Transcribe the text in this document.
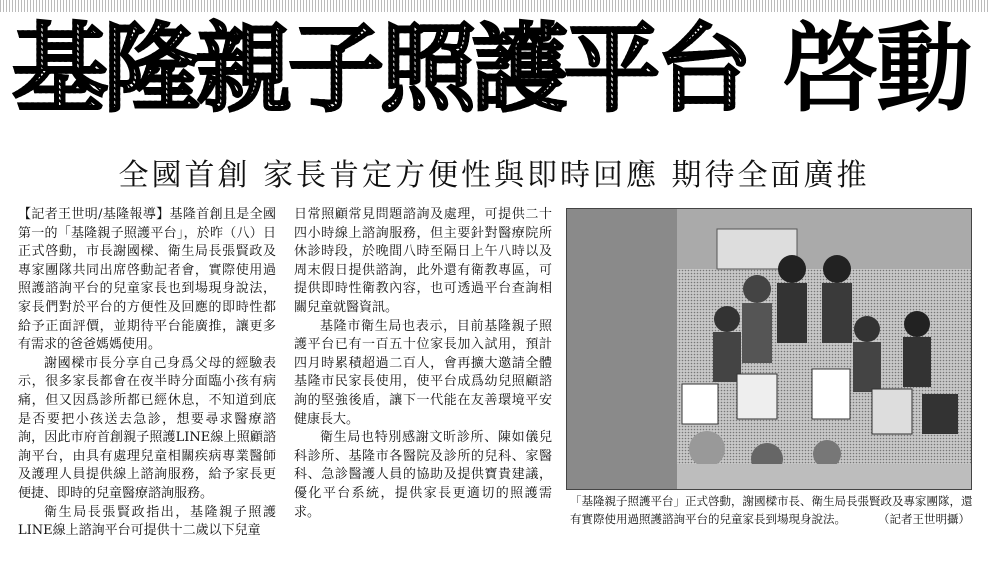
基隆親子照護平台 啓動
全國首創 家長肯定方便性與即時回應 期待全面廣推

【記者王世明/基隆報導】基隆首創且是全國第一的「基隆親子照護平台」，於昨（八）日正式啓動，市長謝國樑、衛生局長張賢政及專家團隊共同出席啓動記者會，實際使用過照護諮詢平台的兒童家長也到場現身說法，家長們對於平台的方便性及回應的即時性都給予正面評價，並期待平台能廣推，讓更多有需求的爸爸媽媽使用。

謝國樑市長分享自己身爲父母的經驗表示，很多家長都會在夜半時分面臨小孩有病痛，但又因爲診所都已經休息，不知道到底是否要把小孩送去急診，想要尋求醫療諮詢，因此市府首創親子照護LINE線上照顧諮詢平台，由具有處理兒童相關疾病專業醫師及護理人員提供線上諮詢服務，給予家長更便捷、即時的兒童醫療諮詢服務。

衛生局長張賢政指出，基隆親子照護LINE線上諮詢平台可提供十二歲以下兒童

日常照顧常見問題諮詢及處理，可提供二十四小時線上諮詢服務，但主要針對醫療院所休診時段，於晚間八時至隔日上午八時以及周末假日提供諮詢，此外還有衛教專區，可提供即時性衛教內容，也可透過平台查詢相關兒童就醫資訊。

基隆市衛生局也表示，目前基隆親子照護平台已有一百五十位家長加入試用，預計四月時累積超過二百人，會再擴大邀請全體基隆市民家長使用，使平台成爲幼兒照顧諮詢的堅強後盾，讓下一代能在友善環境平安健康長大。

衛生局也特別感謝文昕診所、陳如儀兒科診所、基隆市各醫院及診所的兒科、家醫科、急診醫護人員的協助及提供寶貴建議，優化平台系統，提供家長更適切的照護需求。

「基隆親子照護平台」正式啓動，謝國樑市長、衛生局長張賢政及專家團隊，還有實際使用過照護諮詢平台的兒童家長到場現身說法。	（記者王世明攝）
